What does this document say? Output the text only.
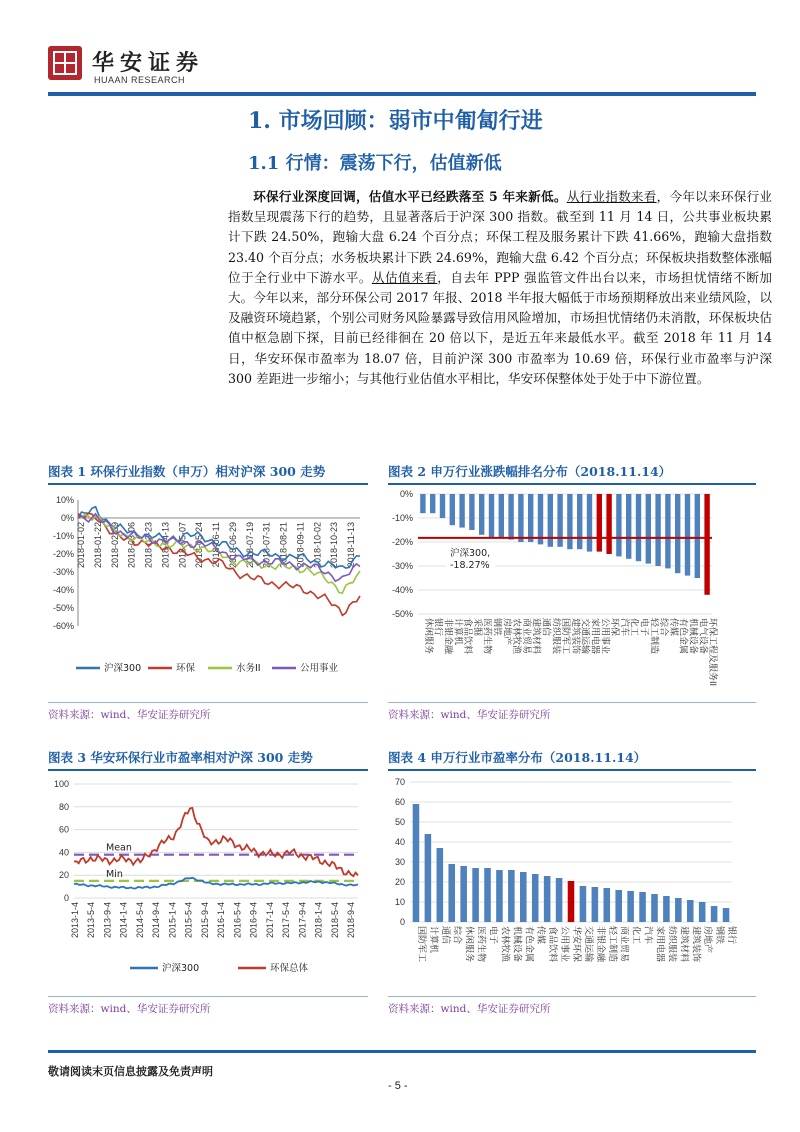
华安证券
HUAAN RESEARCH
1. 市场回顾：弱市中匍匐行进
1.1 行情：震荡下行，估值新低

环保行业深度回调，估值水平已经跌落至 5 年来新低。从行业指数来看，今年以来环保行业指数呈现震荡下行的趋势，且显著落后于沪深 300 指数。截至到 11 月 14 日，公共事业板块累计下跌 24.50%，跑输大盘 6.24 个百分点；环保工程及服务累计下跌 41.66%，跑输大盘指数 23.40 个百分点；水务板块累计下跌 24.69%，跑输大盘 6.42 个百分点；环保板块指数整体涨幅位于全行业中下游水平。从估值来看，自去年 PPP 强监管文件出台以来，市场担忧情绪不断加大。今年以来，部分环保公司 2017 年报、2018 半年报大幅低于市场预期释放出来业绩风险，以及融资环境趋紧，个别公司财务风险暴露导致信用风险增加，市场担忧情绪仍未消散，环保板块估值中枢急剧下探，目前已经徘徊在 20 倍以下，是近五年来最低水平。截至 2018 年 11 月 14 日，华安环保市盈率为 18.07 倍，目前沪深 300 市盈率为 10.69 倍，环保行业市盈率与沪深 300 差距进一步缩小；与其他行业估值水平相比，华安环保整体处于处于中下游位置。

图表 1 环保行业指数（申万）相对沪深 300 走势
10%
0%
-10%
-20%
-30%
-40%
-50%
-60%
2018-01-02 2018-01-22 2018-02-09 2018-03-06 2018-03-23 2018-04-13 2018-05-07 2018-05-24 2018-06-11 2018-06-29 2018-07-19 2018-07-31 2018-08-21 2018-09-11 2018-10-02 2018-10-23 2018-11-13
沪深300	环保	水务II	公用事业
资料来源：wind、华安证券研究所
图表 2 申万行业涨跌幅排名分布（2018.11.14）
0%
-10%
-20%
-30%
-40%
-50%
休闲服务 银行 非银金融 计算机 食品饮料 采掘 医药生物 钢铁 房地产 农林牧渔 商业贸易 建筑材料 通信 纺织服装 国防军工 建筑装饰 交通运输 家用电器 公用事业 环保 汽车 化工 电子 轻工制造 综合 传媒 有色金属 机械设备 电气设备 环保工程及服务II
沪深300,
-18.27%
资料来源：wind、华安证券研究所
图表 3 华安环保行业市盈率相对沪深 300 走势
100
80
60
40
20
0
2013-1-4 2013-5-4 2013-9-4 2014-1-4 2014-5-4 2014-9-4 2015-1-4 2015-5-4 2015-9-4 2016-1-4 2016-5-4 2016-9-4 2017-1-4 2017-5-4 2017-9-4 2018-1-4 2018-5-4 2018-9-4
Mean
Min
沪深300	环保总体
资料来源：wind、华安证券研究所
图表 4 申万行业市盈率分布（2018.11.14）
70
60
50
40
30
20
10
0
国防军工 计算机 通信 综合 休闲服务 医药生物 电子 农林牧渔 机械设备 有色金属 传媒 食品饮料 公用事业 华安环保 交通运输 非银金融 轻工制造 商业贸易 化工 汽车 家用电器 纺织服装 建筑材料 建筑装饰 房地产 钢铁 银行
资料来源：wind、华安证券研究所
敬请阅读末页信息披露及免责声明
- 5 -
